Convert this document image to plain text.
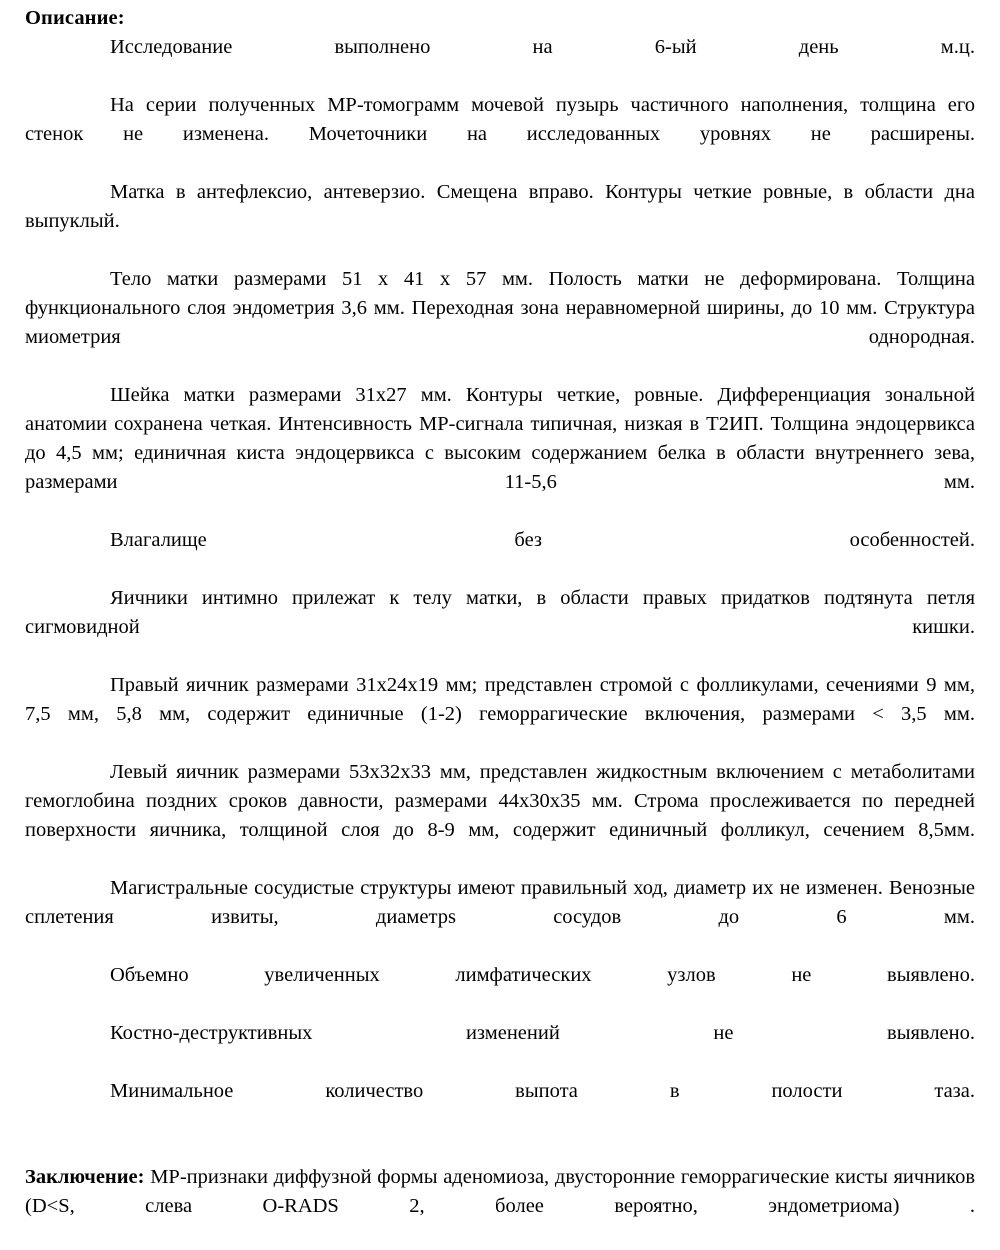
Описание:

Исследование выполнено на 6-ый день м.ц.

На серии полученных МР-томограмм мочевой пузырь частичного наполнения, толщина его стенок не изменена. Мочеточники на исследованных уровнях не расширены.

Матка в антефлексио, антеверзио. Смещена вправо. Контуры четкие ровные, в области дна выпуклый.

Тело матки размерами 51 x 41 x 57 мм. Полость матки не деформирована. Толщина функционального слоя эндометрия 3,6 мм. Переходная зона неравномерной ширины, до 10 мм. Структура миометрия однородная.

Шейка матки размерами 31х27 мм. Контуры четкие, ровные. Дифференциация зональной анатомии сохранена четкая. Интенсивность МР-сигнала типичная, низкая в Т2ИП. Толщина эндоцервикса до 4,5 мм; единичная киста эндоцервикса с высоким содержанием белка в области внутреннего зева, размерами 11-5,6 мм.

Влагалище без особенностей.

Яичники интимно прилежат к телу матки, в области правых придатков подтянута петля сигмовидной кишки.

Правый яичник размерами 31х24х19 мм; представлен стромой с фолликулами, сечениями 9 мм, 7,5 мм, 5,8 мм, содержит единичные (1-2) геморрагические включения, размерами < 3,5 мм.

Левый яичник размерами 53х32х33 мм, представлен жидкостным включением с метаболитами гемоглобина поздних сроков давности, размерами 44х30х35 мм. Строма прослеживается по передней поверхности яичника, толщиной слоя до 8-9 мм, содержит единичный фолликул, сечением 8,5мм.

Магистральные сосудистые структуры имеют правильный ход, диаметр их не изменен. Венозные сплетения извиты, диаметрs сосудов до 6 мм.

Объемно увеличенных лимфатических узлов не выявлено.

Костно-деструктивных изменений не выявлено.

Минимальное количество выпота в полости таза.

Заключение: МР-признаки диффузной формы аденомиоза, двусторонние геморрагические кисты яичников (D<S, слева O-RADS 2, более вероятно, эндометриома) .
